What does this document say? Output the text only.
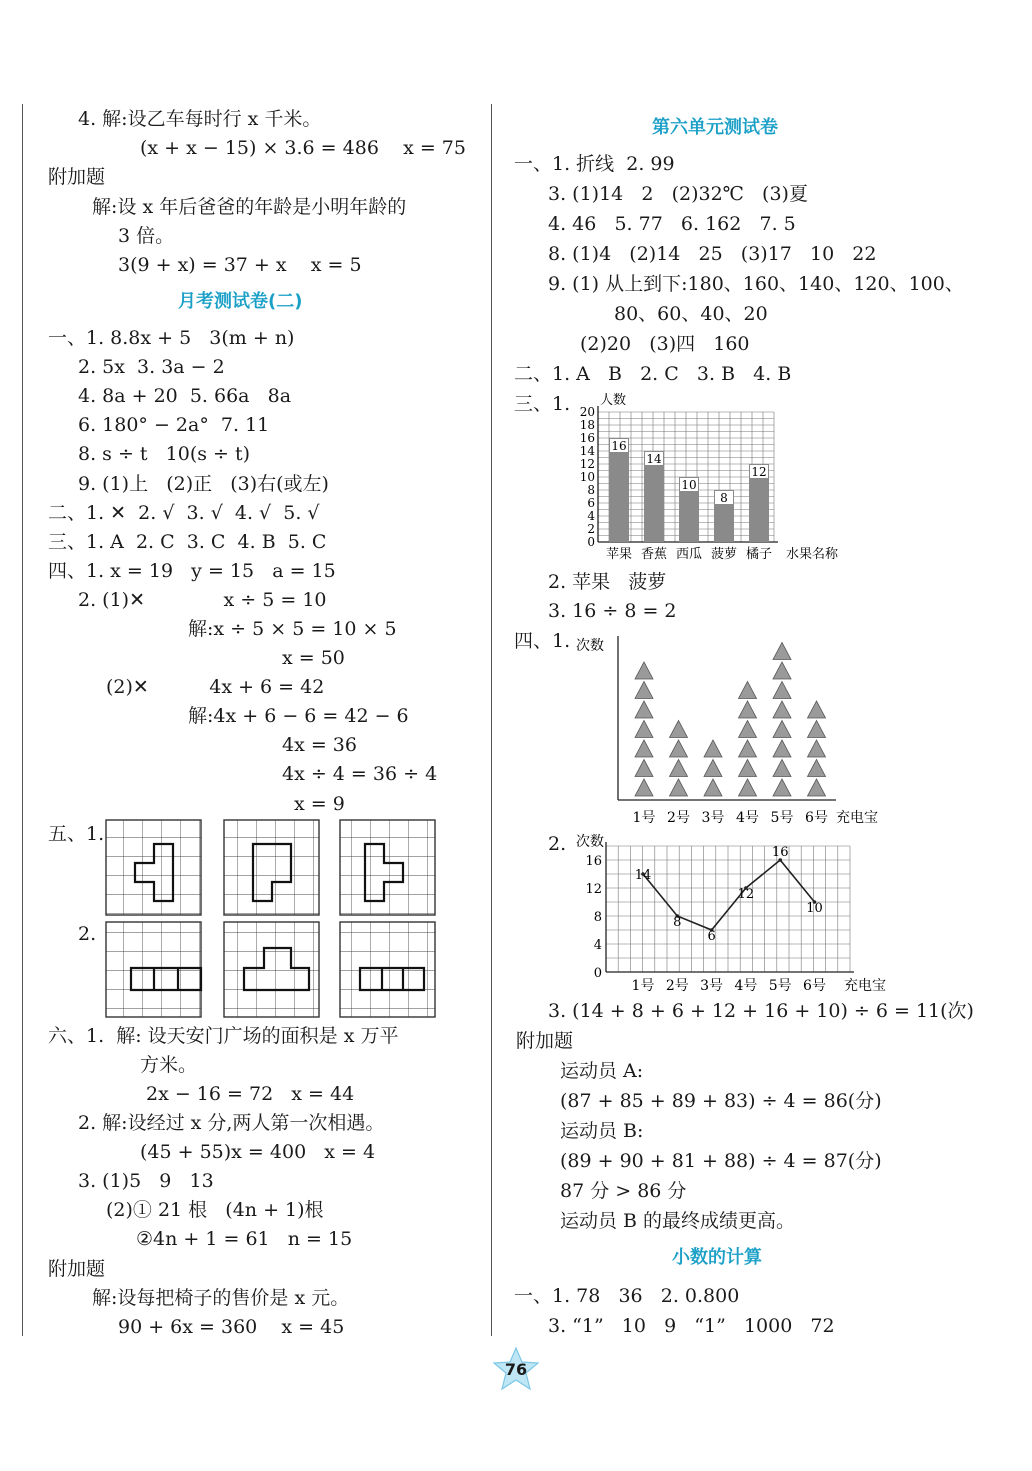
4. 解:设乙车每时行 x 千米。
(x + x − 15) × 3.6 = 486    x = 75
附加题
解:设 x 年后爸爸的年龄是小明年龄的
3 倍。
3(9 + x) = 37 + x    x = 5
月考测试卷(二)
一、1. 8.8x + 5   3(m + n)
2. 5x  3. 3a − 2
4. 8a + 20  5. 66a   8a
6. 180° − 2a°  7. 11
8. s ÷ t   10(s ÷ t)
9. (1)上   (2)正   (3)右(或左)
二、1. ✕  2. √  3. √  4. √  5. √
三、1. A  2. C  3. C  4. B  5. C
四、1. x = 19   y = 15   a = 15
2. (1)✕             x ÷ 5 = 10
解:x ÷ 5 × 5 = 10 × 5
x = 50
(2)✕          4x + 6 = 42
解:4x + 6 − 6 = 42 − 6
4x = 36
4x ÷ 4 = 36 ÷ 4
x = 9
五、1.
2.
六、1.  解: 设天安门广场的面积是 x 万平
方米。
2x − 16 = 72   x = 44
2. 解:设经过 x 分,两人第一次相遇。
(45 + 55)x = 400   x = 4
3. (1)5   9   13
(2)① 21 根   (4n + 1)根
②4n + 1 = 61   n = 15
附加题
解:设每把椅子的售价是 x 元。
90 + 6x = 360    x = 45
第六单元测试卷
一、1. 折线  2. 99
3. (1)14   2   (2)32℃   (3)夏
4. 46   5. 77   6. 162   7. 5
8. (1)4   (2)14   25   (3)17   10   22
9. (1) 从上到下:180、160、140、120、100、
80、60、40、20
(2)20   (3)四   160
二、1. A   B   2. C   3. B   4. B
三、1. 人数
0
2
4
6
8
10
12
14
16
18
20
16
苹果
14
香蕉
10
西瓜
8
菠萝
12
橘子 水果名称
2. 苹果   菠萝
3. 16 ÷ 8 = 2
四、1. 次数
1号 2号 3号 4号 5号 6号 充电宝
2. 次数
0
4
8
12
16
14
1号
8
2号
6
3号
12
4号
16
5号
10
6号 充电宝
3. (14 + 8 + 6 + 12 + 16 + 10) ÷ 6 = 11(次)
附加题
运动员 A:
(87 + 85 + 89 + 83) ÷ 4 = 86(分)
运动员 B:
(89 + 90 + 81 + 88) ÷ 4 = 87(分)
87 分 > 86 分
运动员 B 的最终成绩更高。
小数的计算
一、1. 78   36   2. 0.800
3. “1”   10   9   “1”   1000   72
76
